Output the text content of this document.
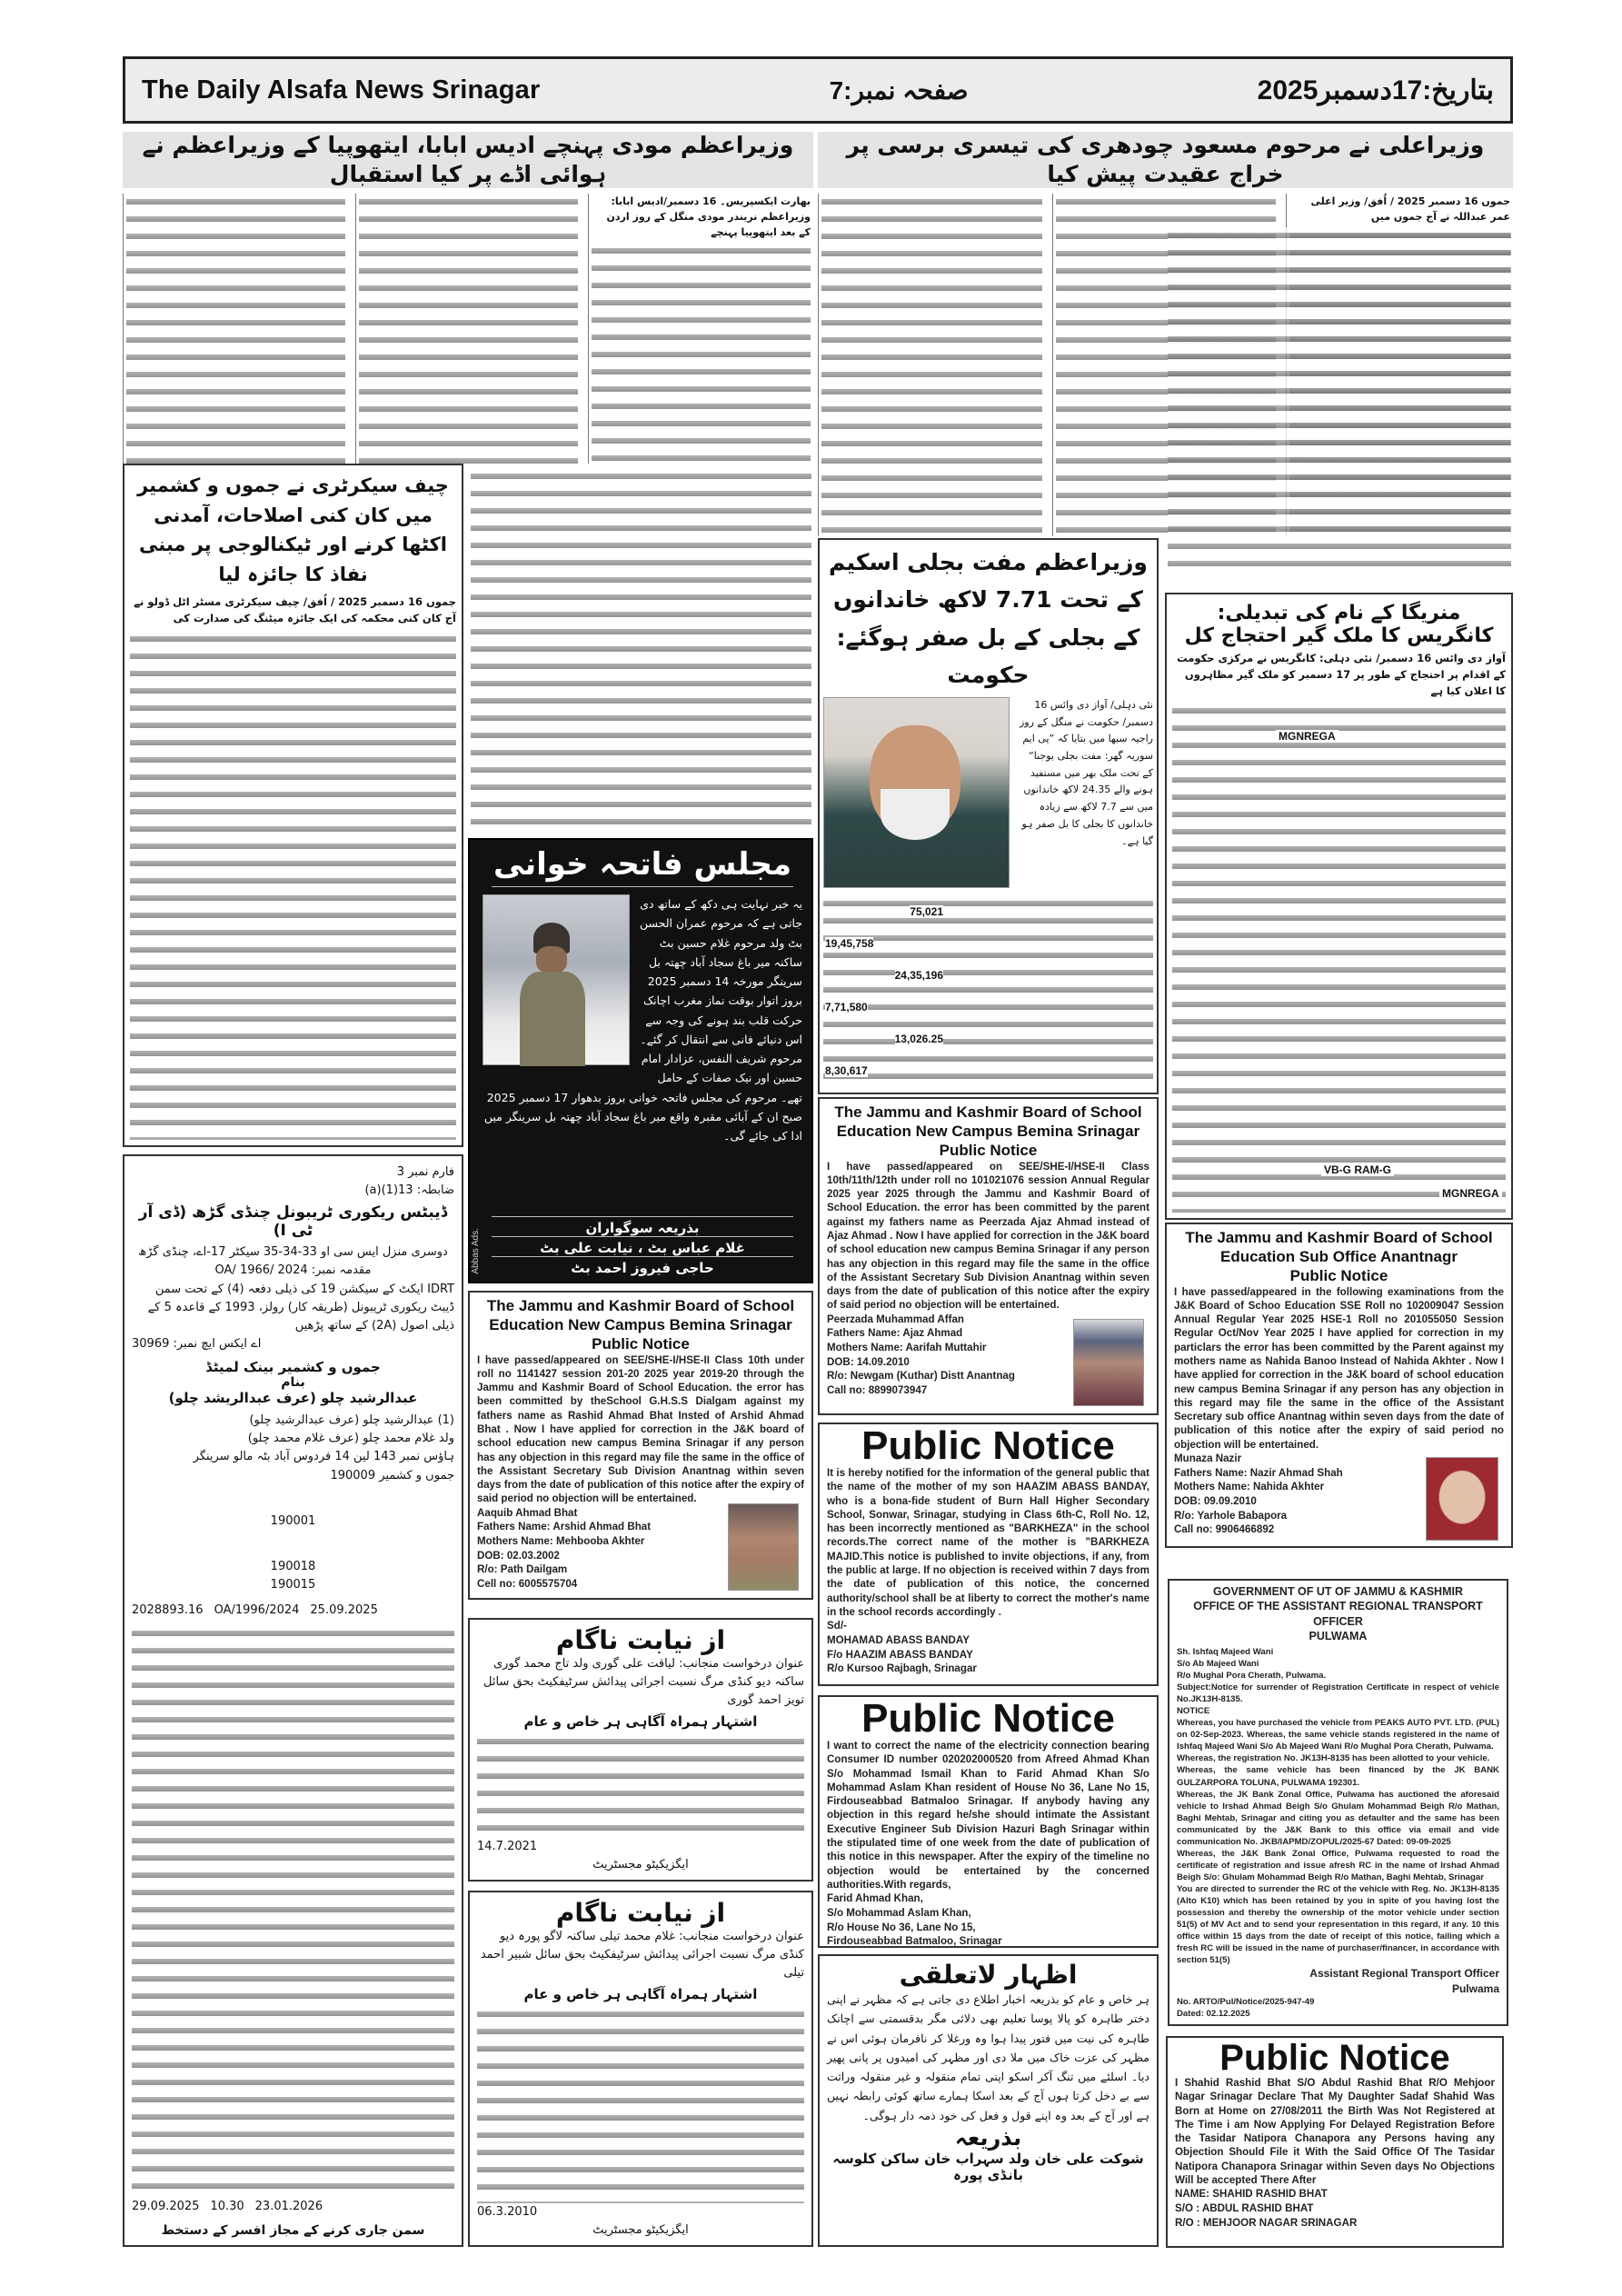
The Daily Alsafa News Srinagar	صفحہ نمبر:7	بتاریخ:17دسمبر2025
وزیراعظم مودی پہنچے ادیس ابابا، ایتھوپیا کے وزیراعظم نے ہوائی اڈے پر کیا استقبال
بھارت ایکسپریس۔ 16 دسمبر/ادیس ابابا: وزیراعظم نریندر مودی منگل کے روز اردن کے بعد ایتھوپیا پہنچے
وزیراعلی نے مرحوم مسعود چودھری کی تیسری برسی پر خراج عقیدت پیش کیا
جموں 16 دسمبر 2025 / اُفق/ وزیر اعلی عمر عبداللہ نے آج جموں میں
چیف سیکرٹری نے جموں و کشمیر میں کان کنی اصلاحات، آمدنی اکٹھا کرنے اور ٹیکنالوجی پر مبنی نفاذ کا جائزہ لیا
جموں 16 دسمبر 2025 / اُفق/ چیف سیکرٹری مسٹر اٹل ڈولو نے آج کان کنی محکمہ کی ایک جائزہ میٹنگ کی صدارت کی
مجلس فاتحہ خوانی
یہ خبر نہایت ہی دکھ کے ساتھ دی جاتی ہے کہ مرحوم عمران الحسن بٹ ولد مرحوم غلام حسین بٹ ساکنہ میر باغ سجاد آباد چھتہ بل سرینگر مورخہ 14 دسمبر 2025 بروز اتوار بوقت نماز مغرب اچانک حرکت قلب بند ہونے کی وجہ سے اس دنیائے فانی سے انتقال کر گئے۔ مرحوم شریف النفس، عزادار امام حسین اور نیک صفات کے حامل تھے۔ مرحوم کی مجلس فاتحہ خوانی بروز بدھوار 17 دسمبر 2025 صبح ان کے آبائی مقبرہ واقع میر باغ سجاد آباد چھتہ بل سرینگر میں ادا کی جائے گی۔
بذریعہ سوگواران
غلام عباس بٹ ، نیابت علی بٹ
حاجی فیروز احمد بٹ
Abbas Ads.
The Jammu and Kashmir Board of School Education New Campus Bemina Srinagar
Public Notice
I have passed/appeared on SEE/SHE-I/HSE-II Class 10th under roll no 1141427 session 201-20 2025 year 2019-20 through the Jammu and Kashmir Board of School Education. the error has been committed by theSchool G.H.S.S Dialgam against my fathers name as Rashid Ahmad Bhat Insted of Arshid Ahmad Bhat . Now I have applied for correction in the J&K board of school education new campus Bemina Srinagar if any person has any objection in this regard may file the same in the office of the Assistant Secretary Sub Division Anantnag within seven days from the date of publication of this notice after the expiry of said period no objection will be entertained.
Aaquib Ahmad Bhat
Fathers Name: Arshid Ahmad Bhat
Mothers Name: Mehbooba Akhter
DOB: 02.03.2002
R/o: Path Dailgam
Cell no: 6005575704
از نیابت ناگام
عنوان درخواست منجانب: لیاقت علی گوری ولد تاج محمد گوری ساکنہ دیو کنڈی مرگ نسبت اجرائی پیدائش سرٹیفکیٹ بحق سائل تویز احمد گوری
اشتہار ہمراہ آگاہی ہر خاص و عام
14.7.2021
ایگزیکیٹو مجسٹریٹ
از نیابت ناگام
عنوان درخواست منجانب: غلام محمد تیلی ساکنہ لاگو پورہ دیو کنڈی مرگ نسبت اجرائی پیدائش سرٹیفکیٹ بحق سائل شبیر احمد تیلی
اشتہار ہمراہ آگاہی ہر خاص و عام
06.3.2010
ایگزیکیٹو مجسٹریٹ
فارم نمبر 3
ضابطہ: 13(1)(a)
ڈیبٹس ریکوری ٹریبونل چنڈی گڑھ (ڈی آر ٹی I)
دوسری منزل ایس سی او 33-34-35 سیکٹر 17-اے، چنڈی گڑھ
مقدمہ نمبر: OA/ 1966/ 2024
IDRT ایکٹ کے سیکشن 19 کی ذیلی دفعہ (4) کے تحت سمن ڈیبٹ ریکوری ٹریبونل (طریقہ کار) رولز، 1993 کے قاعدہ 5 کے ذیلی اصول (2A) کے ساتھ پڑھیں
اے ایکس ایچ نمبر: 30969
جموں و کشمیر بینک لمیٹڈ
بنام
عبدالرشید چلو (عرف عبدالریشد چلو)
(1) عبدالرشید چلو (عرف عبدالرشید چلو)
ولد غلام محمد چلو (عرف غلام محمد چلو)
ہاؤس نمبر 143 لین 14 فردوس آباد بٹہ مالو سرینگر
جموں و کشمیر 190009
190001
190018
190015
25.09.2025
OA/1996/2024
2028893.16
23.01.2026
10.30
29.09.2025
سمن جاری کرنے کے مجاز افسر کے دستخط
وزیراعظم مفت بجلی اسکیم کے تحت 7.71 لاکھ خاندانوں کے بجلی کے بل صفر ہوگئے: حکومت
نئی دہلی/ آواز دی وائس 16 دسمبر/ حکومت نے منگل کے روز راجیہ سبھا میں بتایا کہ ”پی ایم سوریہ گھر: مفت بجلی یوجنا“ کے تحت ملک بھر میں مستفید ہونے والے 24.35 لاکھ خاندانوں میں سے 7.7 لاکھ سے زیادہ خاندانوں کا بجلی کا بل صفر ہو گیا ہے۔
75,021
19,45,758
24,35,196
7,71,580
13,026.25
8,30,617
The Jammu and Kashmir Board of School Education New Campus Bemina Srinagar
Public Notice
I have passed/appeared on SEE/SHE-I/HSE-II Class 10th/11th/12th under roll no 101021076 session Annual Regular 2025 year 2025 through the Jammu and Kashmir Board of School Education. the error has been committed by the parent against my fathers name as Peerzada Ajaz Ahmad instead of Ajaz Ahmad . Now I have applied for correction in the J&K board of school education new campus Bemina Srinagar if any person has any objection in this regard may file the same in the office of the Assistant Secretary Sub Division Anantnag within seven days from the date of publication of this notice after the expiry of said period no objection will be entertained.
Peerzada Muhammad Affan
Fathers Name: Ajaz Ahmad
Mothers Name: Aarifah Muttahir
DOB: 14.09.2010
R/o: Newgam (Kuthar) Distt Anantnag
Call no: 8899073947
Public Notice
It is hereby notified for the information of the general public that the name of the mother of my son HAAZIM ABASS BANDAY, who is a bona-fide student of Burn Hall Higher Secondary School, Sonwar, Srinagar, studying in Class 6th-C, Roll No. 12, has been incorrectly mentioned as "BARKHEZA" in the school records.The correct name of the mother is "BARKHEZA MAJID.This notice is published to invite objections, if any, from the public at large. If no objection is received within 7 days from the date of publication of this notice, the concerned authority/school shall be at liberty to correct the mother's name in the school records accordingly .
Sd/-
MOHAMAD ABASS BANDAY
F/o HAAZIM ABASS BANDAY
R/o Kursoo Rajbagh, Srinagar
Public Notice
I want to correct the name of the electricity connection bearing Consumer ID number 020202000520 from Afreed Ahmad Khan S/o Mohammad Ismail Khan to Farid Ahmad Khan S/o Mohammad Aslam Khan resident of House No 36, Lane No 15, Firdouseabbad Batmaloo Srinagar. If anybody having any objection in this regard he/she should intimate the Assistant Executive Engineer Sub Division Hazuri Bagh Srinagar within the stipulated time of one week from the date of publication of this notice in this newspaper. After the expiry of the timeline no objection would be entertained by the concerned authorities.With regards,
Farid Ahmad Khan,
S/o Mohammad Aslam Khan,
R/o House No 36, Lane No 15,
Firdouseabbad Batmaloo, Srinagar
اظہار لاتعلقی
ہر خاص و عام کو بذریعہ اخبار اطلاع دی جاتی ہے کہ مظہر نے اپنی دختر طاہرہ کو پالا پوسا تعلیم بھی دلائی مگر بدقسمتی سے اچانک طاہرہ کی نیت میں فتور پیدا ہوا وہ ورغلا کر نافرمان ہوئی اس نے مظہر کی عزت خاک میں ملا دی اور مظہر کی امیدوں پر پانی پھیر دیا۔ اسلئے میں تنگ آکر اسکو اپنی تمام منقولہ و غیر منقولہ وراثت سے بے دخل کرتا ہوں آج کے بعد اسکا ہمارے ساتھ کوئی رابطہ نہیں ہے اور آج کے بعد وہ اپنے قول و فعل کی خود ذمہ دار ہوگی۔
بذریعہ
شوکت علی خان ولد سہراب خان ساکن کلوسہ بانڈی پورہ
منریگا کے نام کی تبدیلی: کانگریس کا ملک گیر احتجاج کل
آواز دی وائس 16 دسمبر/ نئی دہلی: کانگریس نے مرکزی حکومت کے اقدام پر احتجاج کے طور پر 17 دسمبر کو ملک گیر مظاہروں کا اعلان کیا ہے
MGNREGA
VB-G RAM-G
MGNREGA
The Jammu and Kashmir Board of School Education Sub Office Anantnagr
Public Notice
I have passed/appeared in the following examinations from the J&K Board of Schoo Education SSE Roll no 102009047 Session Annual Regular Year 2025 HSE-1 Roll no 201055050 Session Regular Oct/Nov Year 2025 I have applied for correction in my particlars the error has been committed by the Parent against my mothers name as Nahida Banoo Instead of Nahida Akhter . Now I have applied for correction in the J&K board of school education new campus Bemina Srinagar if any person has any objection in this regard may file the same in the office of the Assistant Secretary sub office Anantnag within seven days from the date of publication of this notice after the expiry of said period no objection will be entertained.
Munaza Nazir
Fathers Name: Nazir Ahmad Shah
Mothers Name: Nahida Akhter
DOB: 09.09.2010
R/o: Yarhole Babapora
Call no: 9906466892
GOVERNMENT OF UT OF JAMMU & KASHMIR
OFFICE OF THE ASSISTANT REGIONAL TRANSPORT OFFICER
PULWAMA
Sh. Ishfaq Majeed Wani
S/o Ab Majeed Wani
R/o Mughal Pora Cherath, Pulwama.
Subject:Notice for surrender of Registration Certificate in respect of vehicle No.JK13H-8135.
NOTICE
Whereas, you have purchased the vehicle from PEAKS AUTO PVT. LTD. (PUL) on 02-Sep-2023. Whereas, the same vehicle stands registered in the name of Ishfaq Majeed Wani S/o Ab Majeed Wani R/o Mughal Pora Cherath, Pulwama.
Whereas, the registration No. JK13H-8135 has been allotted to your vehicle.
Whereas, the same vehicle has been financed by the JK BANK GULZARPORA TOLUNA, PULWAMA 192301.
Whereas, the JK Bank Zonal Office, Pulwama has auctioned the aforesaid vehicle to Irshad Ahmad Beigh S/o Ghulam Mohammad Beigh R/o Mathan, Baghi Mehtab, Srinagar and citing you as defaulter and the same has been communicated by the J&K Bank to this office via email and vide communication No. JKB/IAPMD/ZOPUL/2025-67 Dated: 09-09-2025
Whereas, the J&K Bank Zonal Office, Pulwama requested to road the certificate of registration and issue afresh RC in the name of Irshad Ahmad Beigh S/o: Ghulam Mohammad Beigh R/o Mathan, Baghi Mehtab, Srinagar
You are directed to surrender the RC of the vehicle with Reg. No. JK13H-8135 (Alto K10) which has been retained by you in spite of you having lost the possession and thereby the ownership of the motor vehicle under section 51(5) of MV Act and to send your representation in this regard, if any. 10 this office within 15 days from the date of receipt of this notice, failing which a fresh RC will be issued in the name of purchaser/financer, in accordance with section 51(5)
Assistant Regional Transport Officer
Pulwama
No. ARTO/Pul/Notice/2025-947-49
Dated: 02.12.2025
Public Notice
I Shahid Rashid Bhat S/O Abdul Rashid Bhat R/O Mehjoor Nagar Srinagar Declare That My Daughter Sadaf Shahid Was Born at Home on 27/08/2011 the Birth Was Not Registered at The Time i am Now Applying For Delayed Registration Before the Tasidar Natipora Chanapora any Persons having any Objection Should File it With the Said Office Of The Tasidar Natipora Chanapora Srinagar within Seven days No Objections Will be accepted There After
NAME: SHAHID RASHID BHAT
S/O : ABDUL RASHID BHAT
R/O : MEHJOOR NAGAR SRINAGAR
